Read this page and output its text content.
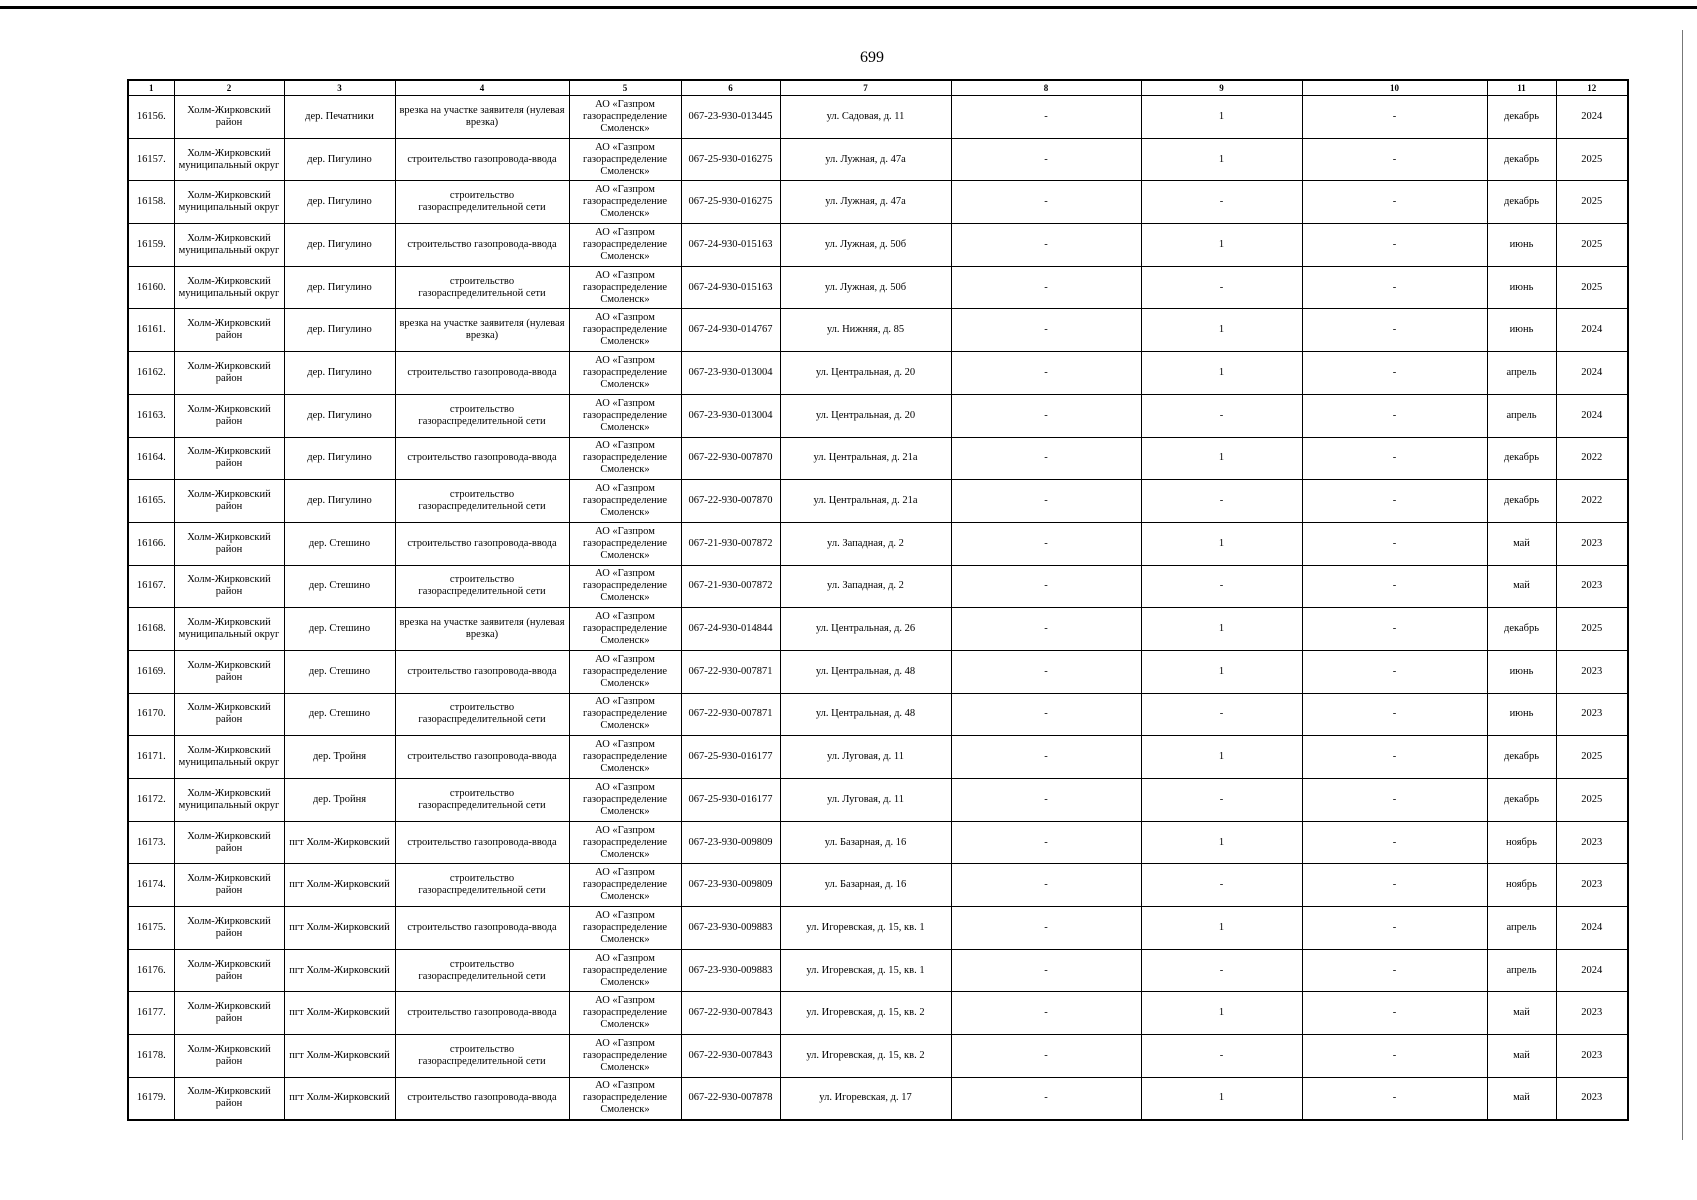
699
1	2	3	4	5	6	7	8	9	10	11	12
16156.	Холм-Жирковский район	дер. Печатники	врезка на участке заявителя (нулевая врезка)	АО «Газпром газораспределение Смоленск»	067-23-930-013445	ул. Садовая, д. 11	-	1	-	декабрь	2024
16157.	Холм-Жирковский муниципальный округ	дер. Пигулино	строительство газопровода-ввода	АО «Газпром газораспределение Смоленск»	067-25-930-016275	ул. Лужная, д. 47а	-	1	-	декабрь	2025
16158.	Холм-Жирковский муниципальный округ	дер. Пигулино	строительство газораспределительной сети	АО «Газпром газораспределение Смоленск»	067-25-930-016275	ул. Лужная, д. 47а	-	-	-	декабрь	2025
16159.	Холм-Жирковский муниципальный округ	дер. Пигулино	строительство газопровода-ввода	АО «Газпром газораспределение Смоленск»	067-24-930-015163	ул. Лужная, д. 50б	-	1	-	июнь	2025
16160.	Холм-Жирковский муниципальный округ	дер. Пигулино	строительство газораспределительной сети	АО «Газпром газораспределение Смоленск»	067-24-930-015163	ул. Лужная, д. 50б	-	-	-	июнь	2025
16161.	Холм-Жирковский район	дер. Пигулино	врезка на участке заявителя (нулевая врезка)	АО «Газпром газораспределение Смоленск»	067-24-930-014767	ул. Нижняя, д. 85	-	1	-	июнь	2024
16162.	Холм-Жирковский район	дер. Пигулино	строительство газопровода-ввода	АО «Газпром газораспределение Смоленск»	067-23-930-013004	ул. Центральная, д. 20	-	1	-	апрель	2024
16163.	Холм-Жирковский район	дер. Пигулино	строительство газораспределительной сети	АО «Газпром газораспределение Смоленск»	067-23-930-013004	ул. Центральная, д. 20	-	-	-	апрель	2024
16164.	Холм-Жирковский район	дер. Пигулино	строительство газопровода-ввода	АО «Газпром газораспределение Смоленск»	067-22-930-007870	ул. Центральная, д. 21а	-	1	-	декабрь	2022
16165.	Холм-Жирковский район	дер. Пигулино	строительство газораспределительной сети	АО «Газпром газораспределение Смоленск»	067-22-930-007870	ул. Центральная, д. 21а	-	-	-	декабрь	2022
16166.	Холм-Жирковский район	дер. Стешино	строительство газопровода-ввода	АО «Газпром газораспределение Смоленск»	067-21-930-007872	ул. Западная, д. 2	-	1	-	май	2023
16167.	Холм-Жирковский район	дер. Стешино	строительство газораспределительной сети	АО «Газпром газораспределение Смоленск»	067-21-930-007872	ул. Западная, д. 2	-	-	-	май	2023
16168.	Холм-Жирковский муниципальный округ	дер. Стешино	врезка на участке заявителя (нулевая врезка)	АО «Газпром газораспределение Смоленск»	067-24-930-014844	ул. Центральная, д. 26	-	1	-	декабрь	2025
16169.	Холм-Жирковский район	дер. Стешино	строительство газопровода-ввода	АО «Газпром газораспределение Смоленск»	067-22-930-007871	ул. Центральная, д. 48	-	1	-	июнь	2023
16170.	Холм-Жирковский район	дер. Стешино	строительство газораспределительной сети	АО «Газпром газораспределение Смоленск»	067-22-930-007871	ул. Центральная, д. 48	-	-	-	июнь	2023
16171.	Холм-Жирковский муниципальный округ	дер. Тройня	строительство газопровода-ввода	АО «Газпром газораспределение Смоленск»	067-25-930-016177	ул. Луговая, д. 11	-	1	-	декабрь	2025
16172.	Холм-Жирковский муниципальный округ	дер. Тройня	строительство газораспределительной сети	АО «Газпром газораспределение Смоленск»	067-25-930-016177	ул. Луговая, д. 11	-	-	-	декабрь	2025
16173.	Холм-Жирковский район	пгт Холм-Жирковский	строительство газопровода-ввода	АО «Газпром газораспределение Смоленск»	067-23-930-009809	ул. Базарная, д. 16	-	1	-	ноябрь	2023
16174.	Холм-Жирковский район	пгт Холм-Жирковский	строительство газораспределительной сети	АО «Газпром газораспределение Смоленск»	067-23-930-009809	ул. Базарная, д. 16	-	-	-	ноябрь	2023
16175.	Холм-Жирковский район	пгт Холм-Жирковский	строительство газопровода-ввода	АО «Газпром газораспределение Смоленск»	067-23-930-009883	ул. Игоревская, д. 15, кв. 1	-	1	-	апрель	2024
16176.	Холм-Жирковский район	пгт Холм-Жирковский	строительство газораспределительной сети	АО «Газпром газораспределение Смоленск»	067-23-930-009883	ул. Игоревская, д. 15, кв. 1	-	-	-	апрель	2024
16177.	Холм-Жирковский район	пгт Холм-Жирковский	строительство газопровода-ввода	АО «Газпром газораспределение Смоленск»	067-22-930-007843	ул. Игоревская, д. 15, кв. 2	-	1	-	май	2023
16178.	Холм-Жирковский район	пгт Холм-Жирковский	строительство газораспределительной сети	АО «Газпром газораспределение Смоленск»	067-22-930-007843	ул. Игоревская, д. 15, кв. 2	-	-	-	май	2023
16179.	Холм-Жирковский район	пгт Холм-Жирковский	строительство газопровода-ввода	АО «Газпром газораспределение Смоленск»	067-22-930-007878	ул. Игоревская, д. 17	-	1	-	май	2023
